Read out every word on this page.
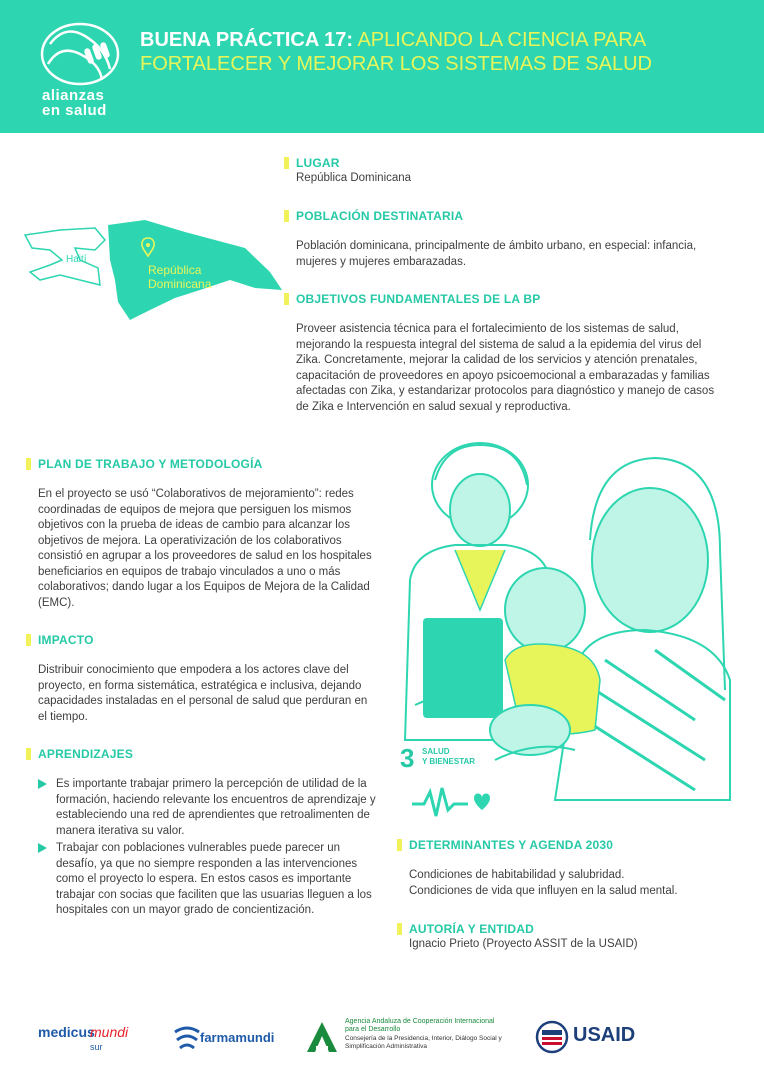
alianzas
en salud
BUENA PRÁCTICA 17: APLICANDO LA CIENCIA PARA FORTALECER Y MEJORAR LOS SISTEMAS DE SALUD
Haití
República
Dominicana
LUGAR
República Dominicana
POBLACIÓN DESTINATARIA
Población dominicana, principalmente de ámbito urbano, en especial: infancia, mujeres y mujeres embarazadas.
OBJETIVOS FUNDAMENTALES DE LA BP
Proveer asistencia técnica para el fortalecimiento de los sistemas de salud, mejorando la respuesta integral del sistema de salud a la epidemia del virus del Zika. Concretamente, mejorar la calidad de los servicios y atención prenatales, capacitación de proveedores en apoyo psicoemocional a embarazadas y familias afectadas con Zika, y estandarizar protocolos para diagnóstico y manejo de casos de Zika e Intervención en salud sexual y reproductiva.
PLAN DE TRABAJO Y METODOLOGÍA
En el proyecto se usó “Colaborativos de mejoramiento”: redes coordinadas de equipos de mejora que persiguen los mismos objetivos con la prueba de ideas de cambio para alcanzar los objetivos de mejora. La operativización de los colaborativos consistió en agrupar a los proveedores de salud en los hospitales beneficiarios en equipos de trabajo vinculados a uno o más colaborativos; dando lugar a los Equipos de Mejora de la Calidad (EMC).
IMPACTO
Distribuir conocimiento que empodera a los actores clave del proyecto, en forma sistemática, estratégica e inclusiva, dejando capacidades instaladas en el personal de salud que perduran en el tiempo.
APRENDIZAJES
Es importante trabajar primero la percepción de utilidad de la formación, haciendo relevante los encuentros de aprendizaje y estableciendo una red de aprendientes que retroalimenten de manera iterativa su valor.
Trabajar con poblaciones vulnerables puede parecer un desafío, ya que no siempre responden a las intervenciones como el proyecto lo espera. En estos casos es importante trabajar con socias que faciliten que las usuarias lleguen a los hospitales con un mayor grado de concientización.
3 SALUD
Y BIENESTAR
DETERMINANTES Y AGENDA 2030
Condiciones de habitabilidad y salubridad.
Condiciones de vida que influyen en la salud mental.
AUTORÍA Y ENTIDAD
Ignacio Prieto (Proyecto ASSIT de la USAID)
medicus
mundi
sur
farmamundi
Agencia Andaluza de Cooperación Internacional para el Desarrollo
Consejería de la Presidencia, Interior, Diálogo Social y Simplificación Administrativa
USAID
